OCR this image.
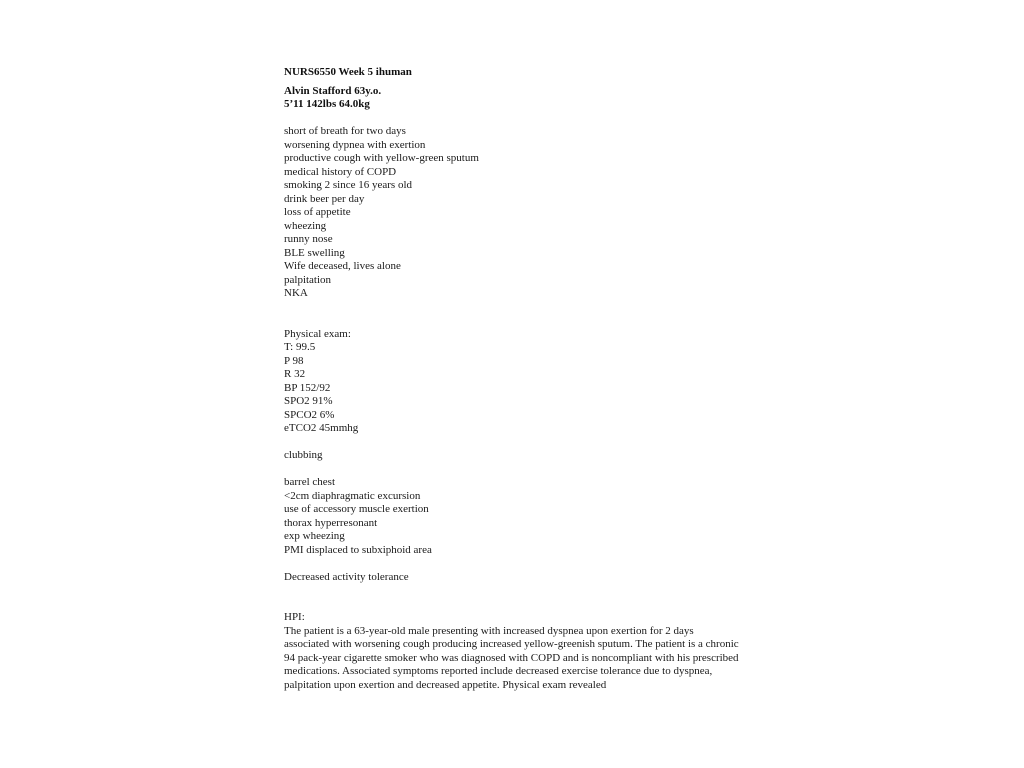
NURS6550 Week 5 ihuman
Alvin Stafford 63y.o.
5’11 142lbs 64.0kg
short of breath for two days
worsening dypnea with exertion
productive cough with yellow-green sputum
medical history of COPD
smoking 2 since 16 years old
drink beer per day
loss of appetite
wheezing
runny nose
BLE swelling
Wife deceased, lives alone
palpitation
NKA
Physical exam:
T: 99.5
P 98
R 32
BP 152/92
SPO2 91%
SPCO2 6%
eTCO2 45mmhg
clubbing
barrel chest
<2cm diaphragmatic excursion
use of accessory muscle exertion
thorax hyperresonant
exp wheezing
PMI displaced to subxiphoid area
Decreased activity tolerance
HPI:
The patient is a 63-year-old male presenting with increased dyspnea upon exertion for 2 days associated with worsening cough producing increased yellow-greenish sputum. The patient is a chronic 94 pack-year cigarette smoker who was diagnosed with COPD and is noncompliant with his prescribed medications. Associated symptoms reported include decreased exercise tolerance due to dyspnea, palpitation upon exertion and decreased appetite. Physical exam revealed
